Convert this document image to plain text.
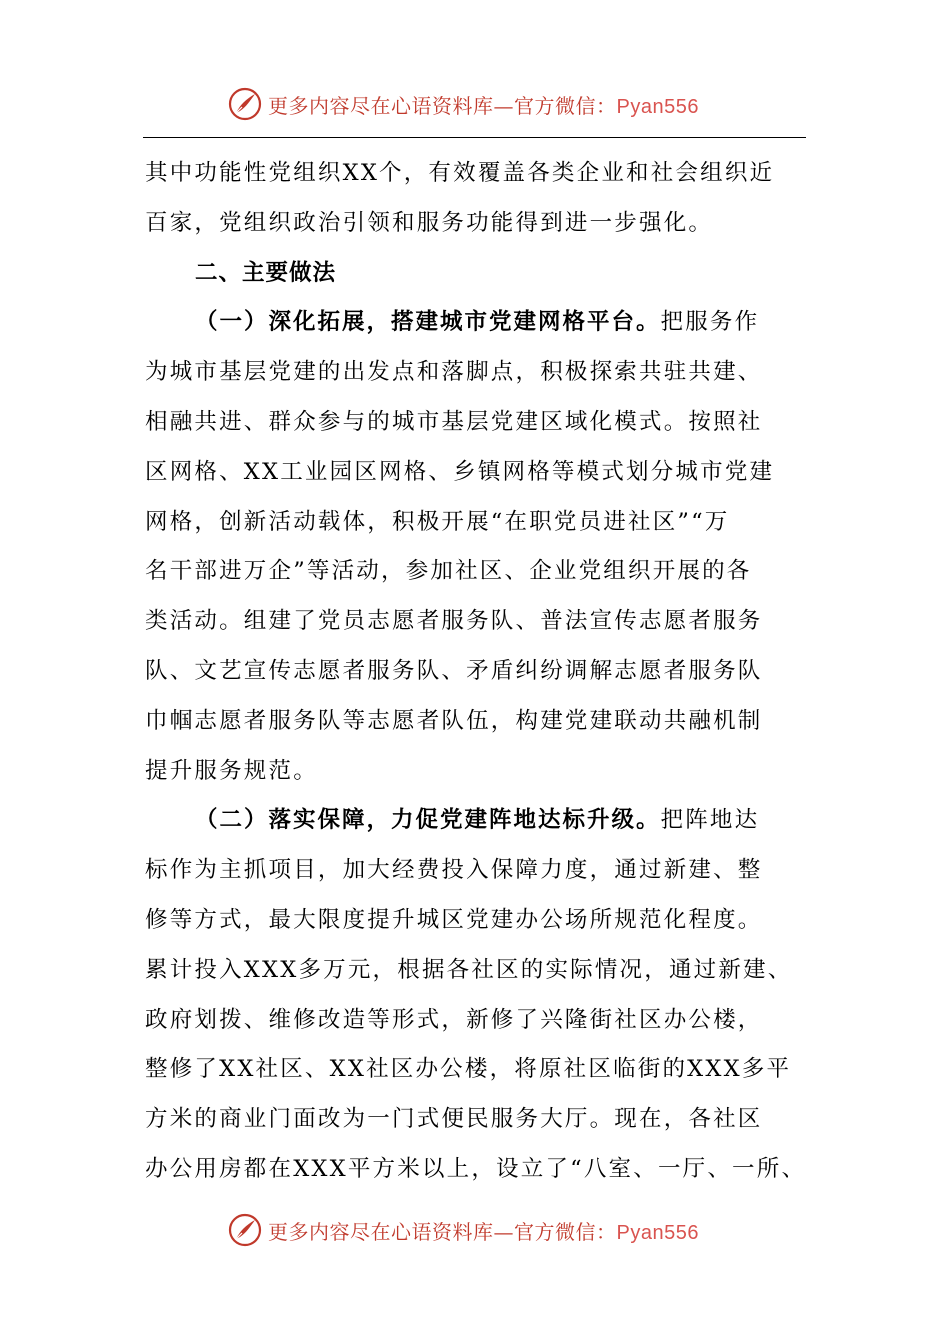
更多内容尽在心语资料库—官方微信：Pyan556
其中功能性党组织XX个，有效覆盖各类企业和社会组织近
百家，党组织政治引领和服务功能得到进一步强化。
二、主要做法
（一）深化拓展，搭建城市党建网格平台。把服务作
为城市基层党建的出发点和落脚点，积极探索共驻共建、
相融共进、群众参与的城市基层党建区域化模式。按照社
区网格、XX工业园区网格、乡镇网格等模式划分城市党建
网格，创新活动载体，积极开展“在职党员进社区”“万
名干部进万企”等活动，参加社区、企业党组织开展的各
类活动。组建了党员志愿者服务队、普法宣传志愿者服务
队、文艺宣传志愿者服务队、矛盾纠纷调解志愿者服务队
巾帼志愿者服务队等志愿者队伍，构建党建联动共融机制
提升服务规范。
（二）落实保障，力促党建阵地达标升级。把阵地达
标作为主抓项目，加大经费投入保障力度，通过新建、整
修等方式，最大限度提升城区党建办公场所规范化程度。
累计投入XXX多万元，根据各社区的实际情况，通过新建、
政府划拨、维修改造等形式，新修了兴隆街社区办公楼，
整修了XX社区、XX社区办公楼，将原社区临街的XXX多平
方米的商业门面改为一门式便民服务大厅。现在，各社区
办公用房都在XXX平方米以上，设立了“八室、一厅、一所、
更多内容尽在心语资料库—官方微信：Pyan556
